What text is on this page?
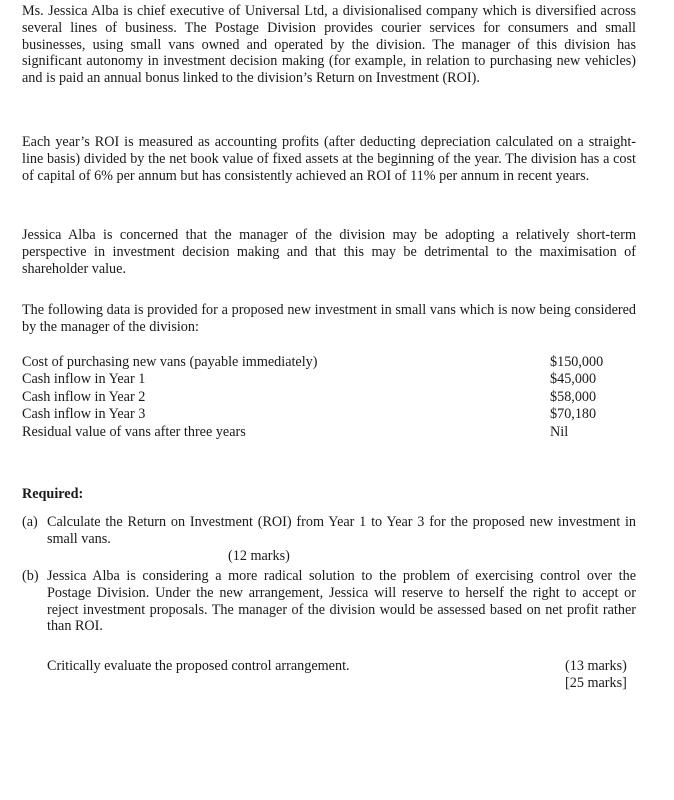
Ms. Jessica Alba is chief executive of Universal Ltd, a divisionalised company which is diversified across several lines of business. The Postage Division provides courier services for consumers and small businesses, using small vans owned and operated by the division. The manager of this division has significant autonomy in investment decision making (for example, in relation to purchasing new vehicles) and is paid an annual bonus linked to the division’s Return on Investment (ROI).

Each year’s ROI is measured as accounting profits (after deducting depreciation calculated on a straight-line basis) divided by the net book value of fixed assets at the beginning of the year. The division has a cost of capital of 6% per annum but has consistently achieved an ROI of 11% per annum in recent years.

Jessica Alba is concerned that the manager of the division may be adopting a relatively short-term perspective in investment decision making and that this may be detrimental to the maximisation of shareholder value.

The following data is provided for a proposed new investment in small vans which is now being considered by the manager of the division:

Cost of purchasing new vans (payable immediately)	$150,000
Cash inflow in Year 1	$45,000
Cash inflow in Year 2	$58,000
Cash inflow in Year 3	$70,180
Residual value of vans after three years	Nil

Required:

(a) Calculate the Return on Investment (ROI) from Year 1 to Year 3 for the proposed new investment in small vans.
(12 marks)
(b) Jessica Alba is considering a more radical solution to the problem of exercising control over the Postage Division. Under the new arrangement, Jessica will reserve to herself the right to accept or reject investment proposals. The manager of the division would be assessed based on net profit rather than ROI.
Critically evaluate the proposed control arrangement.	(13 marks)
[25 marks]
